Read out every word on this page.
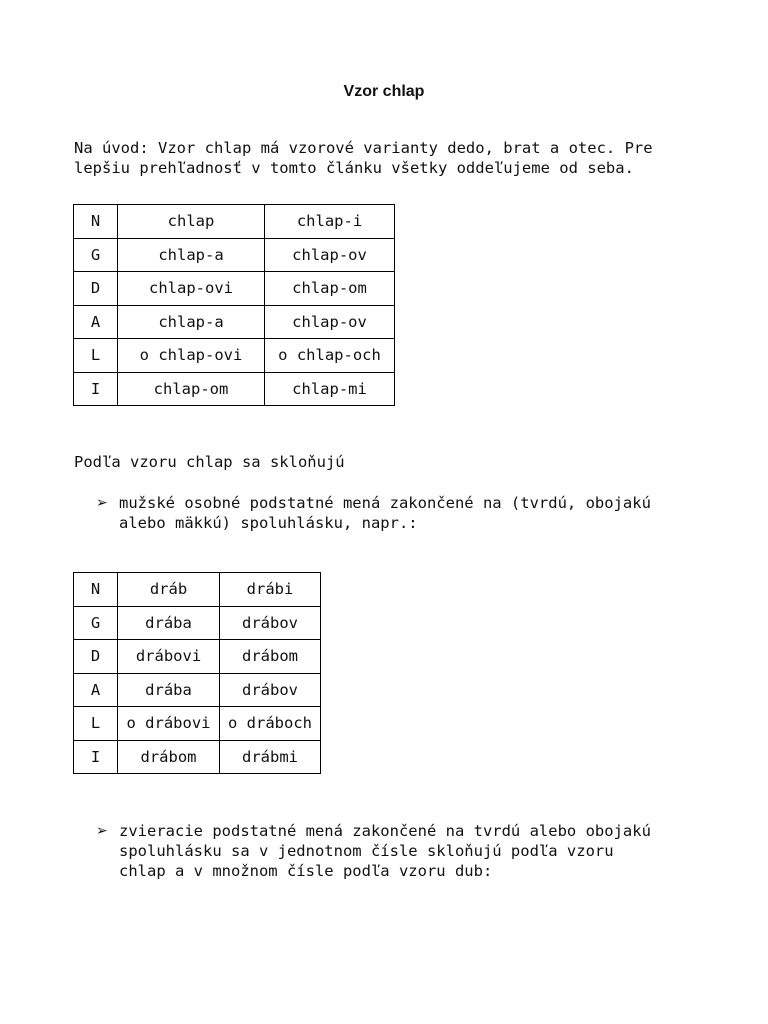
Vzor chlap
Na úvod: Vzor chlap má vzorové varianty dedo, brat a otec. Pre
lepšiu prehľadnosť v tomto článku všetky oddeľujeme od seba.
N	chlap	chlap-i
G	chlap-a	chlap-ov
D	chlap-ovi	chlap-om
A	chlap-a	chlap-ov
L	o chlap-ovi	o chlap-och
I	chlap-om	chlap-mi
Podľa vzoru chlap sa skloňujú
➢ mužské osobné podstatné mená zakončené na (tvrdú, obojakú
alebo mäkkú) spoluhlásku, napr.:
N	dráb	drábi
G	drába	drábov
D	drábovi	drábom
A	drába	drábov
L	o drábovi	o dráboch
I	drábom	drábmi
➢ zvieracie podstatné mená zakončené na tvrdú alebo obojakú
spoluhlásku sa v jednotnom čísle skloňujú podľa vzoru
chlap a v množnom čísle podľa vzoru dub:
